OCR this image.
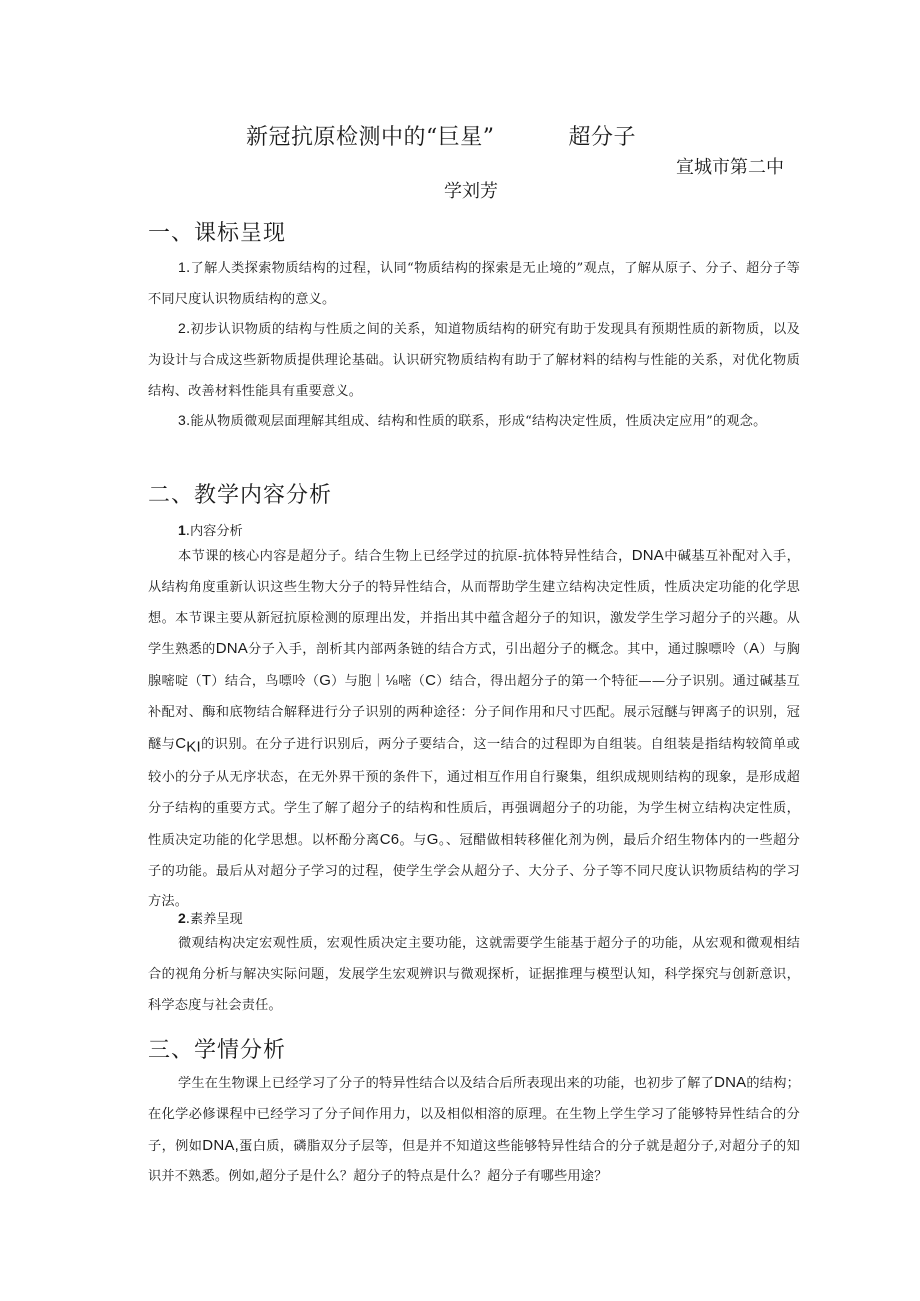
新冠抗原检测中的“巨星”	超分子
宣城市第二中
学刘芳
一、课标呈现
1.了解人类探索物质结构的过程，认同“物质结构的探索是无止境的”观点，了解从原子、分子、超分子等不同尺度认识物质结构的意义。
2.初步认识物质的结构与性质之间的关系，知道物质结构的研究有助于发现具有预期性质的新物质，以及为设计与合成这些新物质提供理论基础。认识研究物质结构有助于了解材料的结构与性能的关系，对优化物质结构、改善材料性能具有重要意义。
3.能从物质微观层面理解其组成、结构和性质的联系，形成“结构决定性质，性质决定应用”的观念。
二、教学内容分析
1.内容分析
本节课的核心内容是超分子。结合生物上已经学过的抗原-抗体特异性结合，DNA中碱基互补配对入手，从结构角度重新认识这些生物大分子的特异性结合，从而帮助学生建立结构决定性质，性质决定功能的化学思想。本节课主要从新冠抗原检测的原理出发，并指出其中蕴含超分子的知识，激发学生学习超分子的兴趣。从学生熟悉的DNA分子入手，剖析其内部两条链的结合方式，引出超分子的概念。其中，通过腺嘌呤（A）与胸腺嘧啶（T）结合，鸟嘌呤（G）与胞｜⅛嘧（C）结合，得出超分子的第一个特征——分子识别。通过碱基互补配对、酶和底物结合解释进行分子识别的两种途径：分子间作用和尺寸匹配。展示冠醚与钾离子的识别，冠醚与$C_{KI}$的识别。在分子进行识别后，两分子要结合，这一结合的过程即为自组装。自组装是指结构较简单或较小的分子从无序状态，在无外界干预的条件下，通过相互作用自行聚集，组织成规则结构的现象，是形成超分子结构的重要方式。学生了解了超分子的结构和性质后，再强调超分子的功能，为学生树立结构决定性质，性质决定功能的化学思想。以杯酚分离C6。与G。、冠醋做相转移催化剂为例，最后介绍生物体内的一些超分子的功能。最后从对超分子学习的过程，使学生学会从超分子、大分子、分子等不同尺度认识物质结构的学习方法。
2.素养呈现
微观结构决定宏观性质，宏观性质决定主要功能，这就需要学生能基于超分子的功能，从宏观和微观相结合的视角分析与解决实际问题，发展学生宏观辨识与微观探析，证据推理与模型认知，科学探究与创新意识，科学态度与社会责任。
三、学情分析
学生在生物课上已经学习了分子的特异性结合以及结合后所表现出来的功能，也初步了解了DNA的结构；在化学必修课程中已经学习了分子间作用力，以及相似相溶的原理。在生物上学生学习了能够特异性结合的分子，例如DNA,蛋白质，磷脂双分子层等，但是并不知道这些能够特异性结合的分子就是超分子,对超分子的知识并不熟悉。例如,超分子是什么？超分子的特点是什么？超分子有哪些用途？
